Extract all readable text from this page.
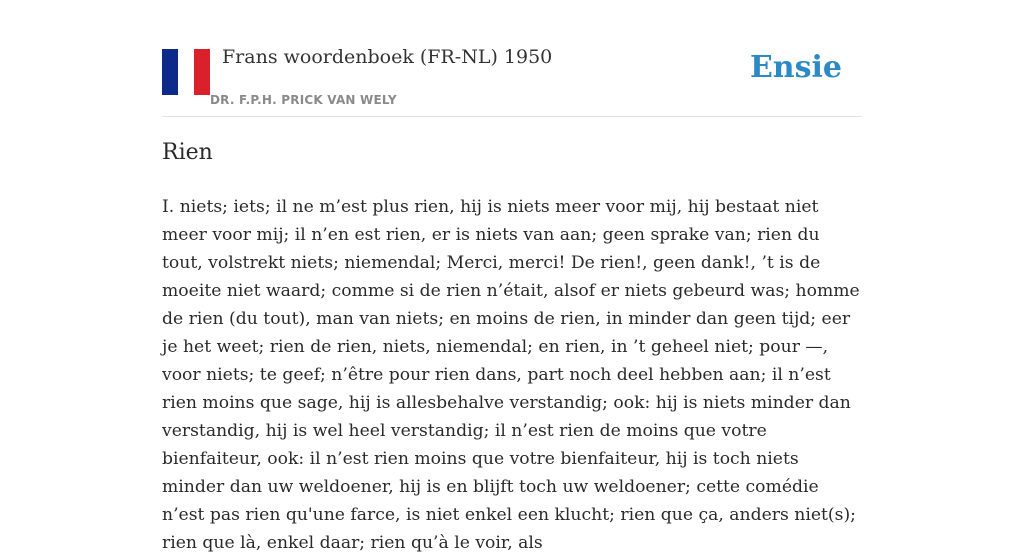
Frans woordenboek (FR-NL) 1950
DR. F.P.H. PRICK VAN WELY
Ensie
Rien

I. niets; iets; il ne m’est plus rien, hij is niets meer voor mij, hij bestaat niet meer voor mij; il n’en est rien, er is niets van aan; geen sprake van; rien du tout, volstrekt niets; niemendal; Merci, merci! De rien!, geen dank!, ’t is de moeite niet waard; comme si de rien n’était, alsof er niets gebeurd was; homme de rien (du tout), man van niets; en moins de rien, in minder dan geen tijd; eer je het weet; rien de rien, niets, niemendal; en rien, in ’t geheel niet; pour —, voor niets; te geef; n’être pour rien dans, part noch deel hebben aan; il n’est rien moins que sage, hij is allesbehalve verstandig; ook: hij is niets minder dan verstandig, hij is wel heel verstandig; il n’est rien de moins que votre bienfaiteur, ook: il n’est rien moins que votre bienfaiteur, hij is toch niets minder dan uw weldoener, hij is en blijft toch uw weldoener; cette comédie n’est pas rien qu'une farce, is niet enkel een klucht; rien que ça, anders niet(s); rien que là, enkel daar; rien qu’à le voir, als
